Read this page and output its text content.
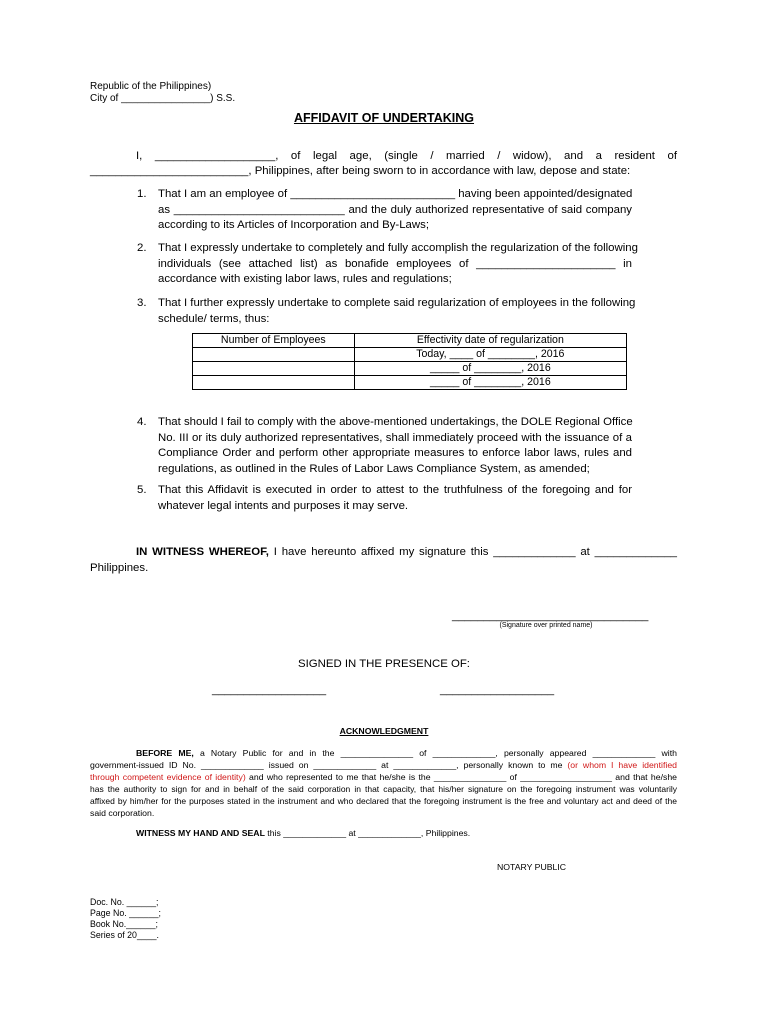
Republic of the Philippines)
City of ________________) S.S.
AFFIDAVIT OF UNDERTAKING
I, ___________________, of legal age, (single / married / widow), and a resident of
_________________________, Philippines, after being sworn to in accordance with law, depose and state:
1. That I am an employee of __________________________ having been appointed/designated
as ___________________________ and the duly authorized representative of said company
according to its Articles of Incorporation and By-Laws;
2. That I expressly undertake to completely and fully accomplish the regularization of the following
individuals (see attached list) as bonafide employees of ______________________ in
accordance with existing labor laws, rules and regulations;
3. That I further expressly undertake to complete said regularization of employees in the following
schedule/ terms, thus:
Number of Employees	Effectivity date of regularization
	Today, ____ of ________, 2016
	_____ of ________, 2016
	_____ of ________, 2016
4. That should I fail to comply with the above-mentioned undertakings, the DOLE Regional Office
No. III or its duly authorized representatives, shall immediately proceed with the issuance of a
Compliance Order and perform other appropriate measures to enforce labor laws, rules and
regulations, as outlined in the Rules of Labor Laws Compliance System, as amended;
5. That this Affidavit is executed in order to attest to the truthfulness of the foregoing and for
whatever legal intents and purposes it may serve.
IN WITNESS WHEREOF, I have hereunto affixed my signature this _____________ at _____________
Philippines.
_______________________________
(Signature over printed name)
SIGNED IN THE PRESENCE OF:
__________________	__________________
ACKNOWLEDGMENT
BEFORE ME, a Notary Public for and in the _______________ of _____________, personally appeared _____________ with
government-issued ID No. _____________ issued on _____________ at _____________, personally known to me (or whom I have identified
through competent evidence of identity) and who represented to me that he/she is the _______________ of ___________________ and that he/she
has the authority to sign for and in behalf of the said corporation in that capacity, that his/her signature on the foregoing instrument was voluntarily
affixed by him/her for the purposes stated in the instrument and who declared that the foregoing instrument is the free and voluntary act and deed of the
said corporation.
WITNESS MY HAND AND SEAL this _____________ at _____________, Philippines.
NOTARY PUBLIC
Doc. No. ______;
Page No. ______;
Book No.______;
Series of 20____.
